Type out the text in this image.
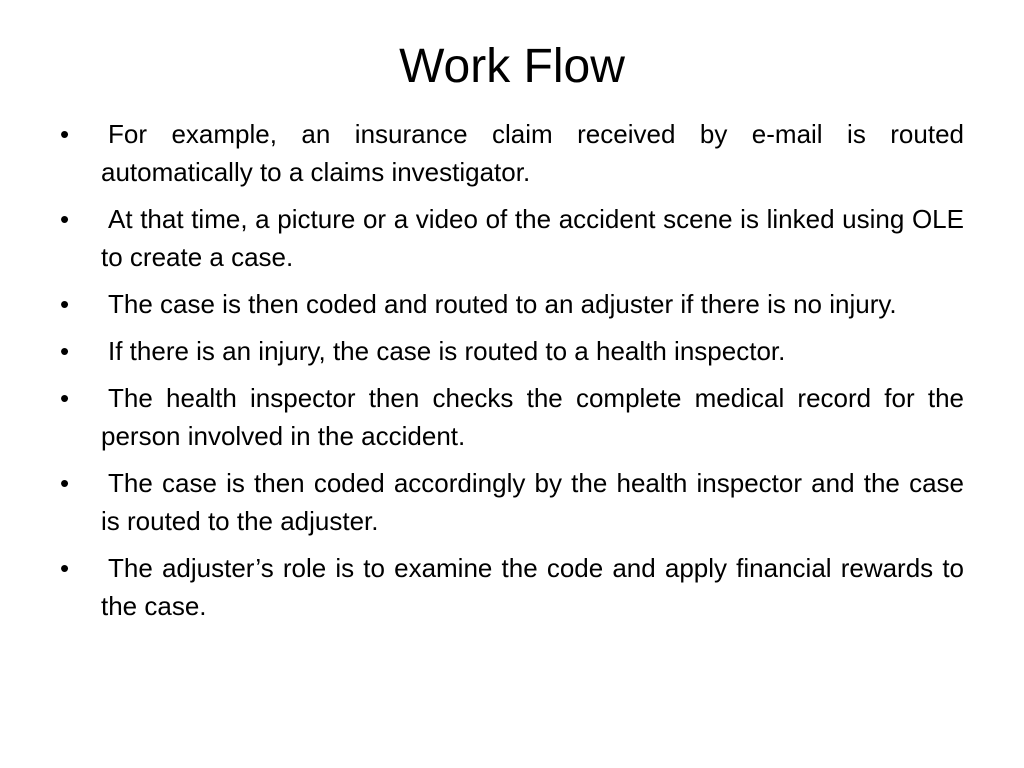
Work Flow
•	For example, an insurance claim received by e-mail is routed automatically to a claims investigator.
•	At that time, a picture or a video of the accident scene is linked using OLE to create a case.
•	The case is then coded and routed to an adjuster if there is no injury.
•	If there is an injury, the case is routed to a health inspector.
•	The health inspector then checks the complete medical record for the person involved in the accident.
•	The case is then coded accordingly by the health inspector and the case is routed to the adjuster.
•	The adjuster’s role is to examine the code and apply financial rewards to the case.
